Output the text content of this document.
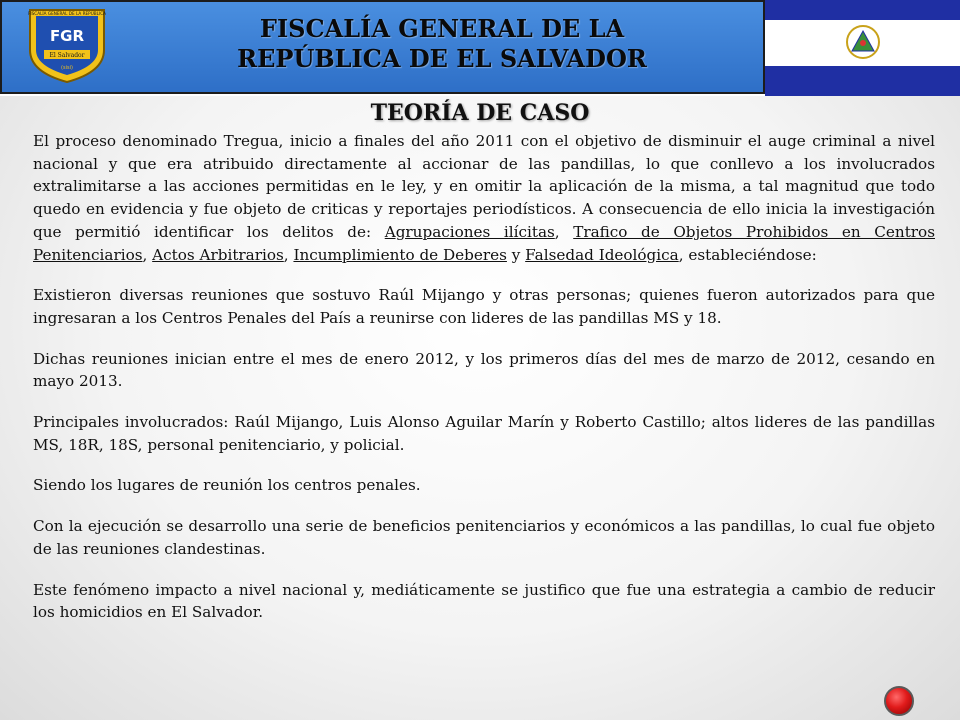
FISCALÍA GENERAL DE LA REPÚBLICA
FGR
El Salvador
(sisi)
FISCALÍA GENERAL DE LA
REPÚBLICA DE EL SALVADOR
TEORÍA DE CASO

El proceso denominado Tregua, inicio a finales del año 2011 con el objetivo de disminuir el auge criminal a nivel nacional y que era atribuido directamente al accionar de las pandillas, lo que conllevo a los involucrados extralimitarse a las acciones permitidas en le ley, y en omitir la aplicación de la misma, a tal magnitud que todo quedo en evidencia y fue objeto de criticas y reportajes periodísticos. A consecuencia de ello inicia la investigación que permitió identificar los delitos de: Agrupaciones ilícitas, Trafico de Objetos Prohibidos en Centros Penitenciarios, Actos Arbitrarios, Incumplimiento de Deberes y Falsedad Ideológica, estableciéndose:

Existieron diversas reuniones que sostuvo Raúl Mijango y otras personas; quienes fueron autorizados para que ingresaran a los Centros Penales del País a reunirse con lideres de las pandillas MS y 18.

Dichas reuniones inician entre el mes de enero 2012, y los primeros días del mes de marzo de 2012, cesando en mayo 2013.

Principales involucrados: Raúl Mijango, Luis Alonso Aguilar Marín y Roberto Castillo; altos lideres de las pandillas MS, 18R, 18S, personal penitenciario, y policial.

Siendo los lugares de reunión los centros penales.

Con la ejecución se desarrollo una serie de beneficios penitenciarios y económicos a las pandillas, lo cual fue objeto de las reuniones clandestinas.

Este fenómeno impacto a nivel nacional y, mediáticamente se justifico que fue una estrategia a cambio de reducir los homicidios en El Salvador.
